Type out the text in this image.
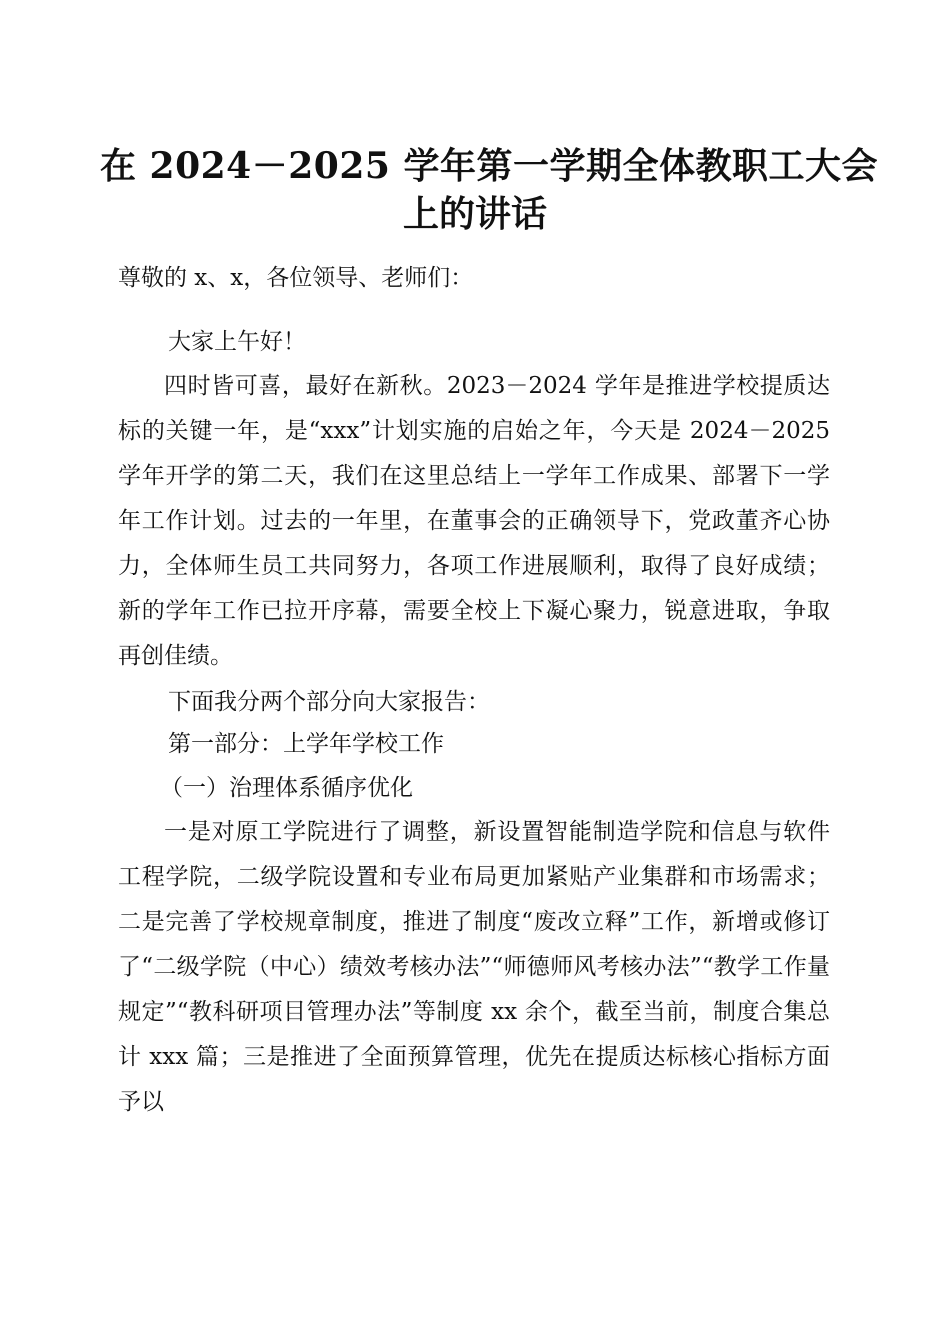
在 2024－2025 学年第一学期全体教职工大会
上的讲话

尊敬的 x、x，各位领导、老师们：

大家上午好！

四时皆可喜，最好在新秋。2023－2024 学年是推进学校提质达标的关键一年，是“xxx”计划实施的启始之年，今天是 2024－2025 学年开学的第二天，我们在这里总结上一学年工作成果、部署下一学年工作计划。过去的一年里，在董事会的正确领导下，党政董齐心协力，全体师生员工共同努力，各项工作进展顺利，取得了良好成绩；新的学年工作已拉开序幕，需要全校上下凝心聚力，锐意进取，争取再创佳绩。

下面我分两个部分向大家报告：

第一部分：上学年学校工作

（一）治理体系循序优化

一是对原工学院进行了调整，新设置智能制造学院和信息与软件工程学院，二级学院设置和专业布局更加紧贴产业集群和市场需求；二是完善了学校规章制度，推进了制度“废改立释”工作，新增或修订了“二级学院（中心）绩效考核办法”“师德师风考核办法”“教学工作量规定”“教科研项目管理办法”等制度 xx 余个，截至当前，制度合集总计 xxx 篇；三是推进了全面预算管理，优先在提质达标核心指标方面予以
